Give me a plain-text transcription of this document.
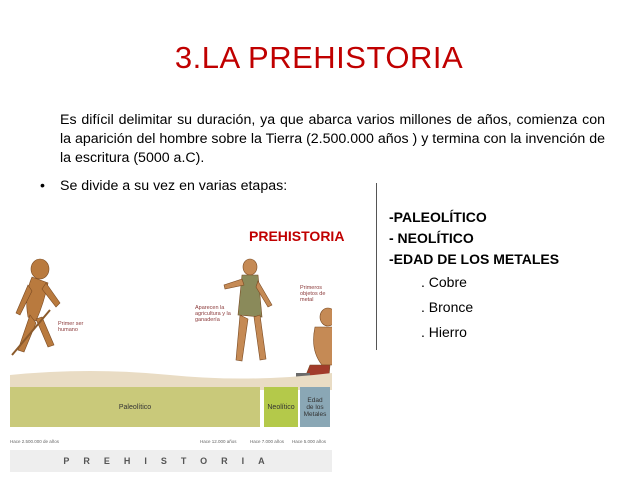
3.LA PREHISTORIA
Es difícil delimitar su duración, ya que abarca varios millones de años, comienza con la aparición del hombre sobre la Tierra (2.500.000 años ) y termina con la invención de la escritura (5000 a.C).
• Se divide a su vez en varias etapas:
PREHISTORIA
-PALEOLÍTICO
- NEOLÍTICO
-EDAD DE LOS METALES
. Cobre
. Bronce
. Hierro
Primer ser humano
Aparecen la agricultura y la ganadería
Primeros objetos de metal
Paleolítico	Neolítico
Edad
de los
Metales
Hace 2.500.000 de años	Hace 12.000 años	Hace 7.000 años Hace 5.000 años
PREHISTORIA
